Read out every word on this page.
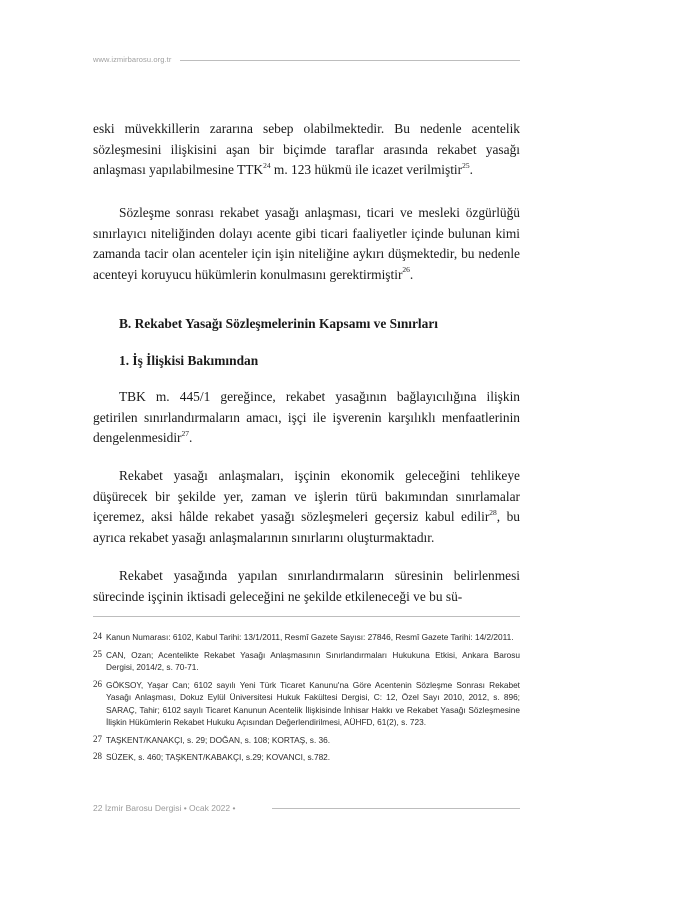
www.izmirbarosu.org.tr

eski müvekkillerin zararına sebep olabilmektedir. Bu nedenle acentelik sözleşmesini ilişkisini aşan bir biçimde taraflar arasında rekabet yasağı anlaşması yapılabilmesine TTK$^{24}$ m. 123 hükmü ile icazet verilmiştir$^{25}$.

Sözleşme sonrası rekabet yasağı anlaşması, ticari ve mesleki özgürlüğü sınırlayıcı niteliğinden dolayı acente gibi ticari faaliyetler içinde bulunan kimi zamanda tacir olan acenteler için işin niteliğine aykırı düşmektedir, bu nedenle acenteyi koruyucu hükümlerin konulmasını gerektirmiştir$^{26}$.

B. Rekabet Yasağı Sözleşmelerinin Kapsamı ve Sınırları
1. İş İlişkisi Bakımından

TBK m. 445/1 gereğince, rekabet yasağının bağlayıcılığına ilişkin getirilen sınırlandırmaların amacı, işçi ile işverenin karşılıklı menfaatlerinin dengelenmesidir$^{27}$.

Rekabet yasağı anlaşmaları, işçinin ekonomik geleceğini tehlikeye düşürecek bir şekilde yer, zaman ve işlerin türü bakımından sınırlamalar içeremez, aksi hâlde rekabet yasağı sözleşmeleri geçersiz kabul edilir$^{28}$, bu ayrıca rekabet yasağı anlaşmalarının sınırlarını oluşturmaktadır.

Rekabet yasağında yapılan sınırlandırmaların süresinin belirlenmesi sürecinde işçinin iktisadi geleceğini ne şekilde etkileneceği ve bu sü-

24 Kanun Numarası: 6102, Kabul Tarihi: 13/1/2011, Resmî Gazete Sayısı: 27846, Resmî Gazete Tarihi: 14/2/2011.
25 CAN, Ozan; Acentelikte Rekabet Yasağı Anlaşmasının Sınırlandırmaları Hukukuna Etkisi, Ankara Barosu Dergisi, 2014/2, s. 70-71.
26 GÖKSOY, Yaşar Can; 6102 sayılı Yeni Türk Ticaret Kanunu'na Göre Acentenin Sözleşme Sonrası Rekabet Yasağı Anlaşması, Dokuz Eylül Üniversitesi Hukuk Fakültesi Dergisi, C: 12, Özel Sayı 2010, 2012, s. 896; SARAÇ, Tahir; 6102 sayılı Ticaret Kanunun Acentelik İlişkisinde İnhisar Hakkı ve Rekabet Yasağı Sözleşmesine İlişkin Hükümlerin Rekabet Hukuku Açısından Değerlendirilmesi, AÜHFD, 61(2), s. 723.
27 TAŞKENT/KANAKÇI, s. 29; DOĞAN, s. 108; KORTAŞ, s. 36.
28 SÜZEK, s. 460; TAŞKENT/KABAKÇI, s.29; KOVANCI, s.782.
22 İzmir Barosu Dergisi • Ocak 2022 •
